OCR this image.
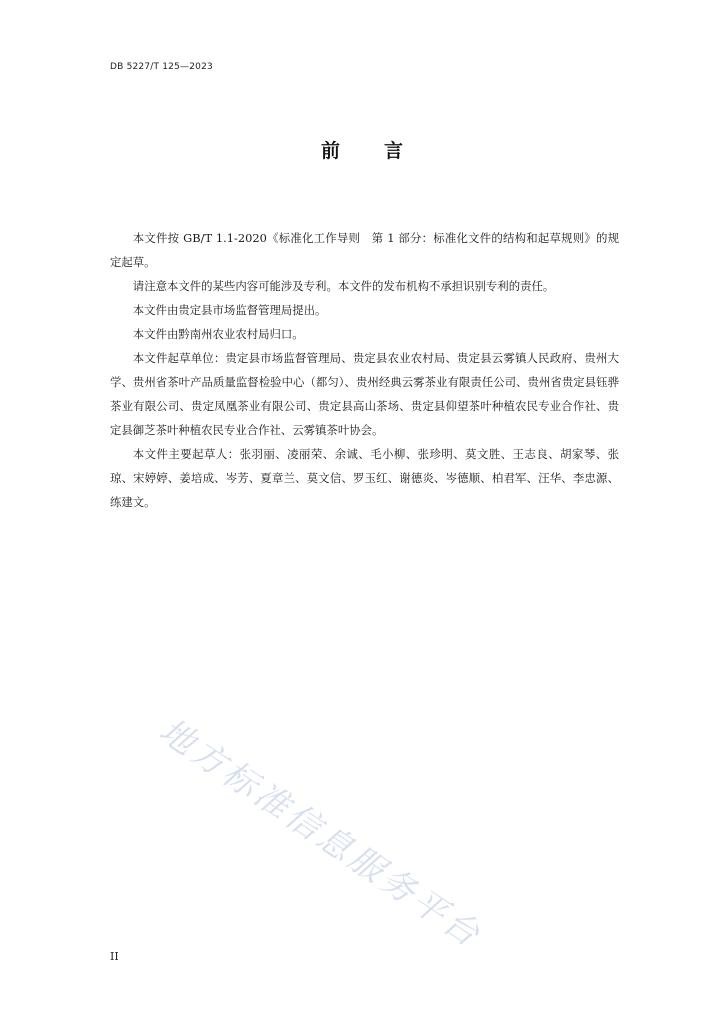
DB 5227/T 125—2023
前 言

本文件按 GB/T 1.1-2020《标准化工作导则　第 1 部分：标准化文件的结构和起草规则》的规定起草。

请注意本文件的某些内容可能涉及专利。本文件的发布机构不承担识别专利的责任。

本文件由贵定县市场监督管理局提出。

本文件由黔南州农业农村局归口。

本文件起草单位：贵定县市场监督管理局、贵定县农业农村局、贵定县云雾镇人民政府、贵州大学、贵州省茶叶产品质量监督检验中心（都匀）、贵州经典云雾茶业有限责任公司、贵州省贵定县钰骅茶业有限公司、贵定凤凰茶业有限公司、贵定县高山茶场、贵定县仰望茶叶种植农民专业合作社、贵定县御芝茶叶种植农民专业合作社、云雾镇茶叶协会。

本文件主要起草人：张羽丽、凌丽荣、余诚、毛小柳、张珍明、莫文胜、王志良、胡家琴、张琼、宋婷婷、姜培成、岑芳、夏章兰、莫文信、罗玉红、谢德炎、岑德顺、柏君军、汪华、李忠源、练建文。

II
地方标准信息服务平台
